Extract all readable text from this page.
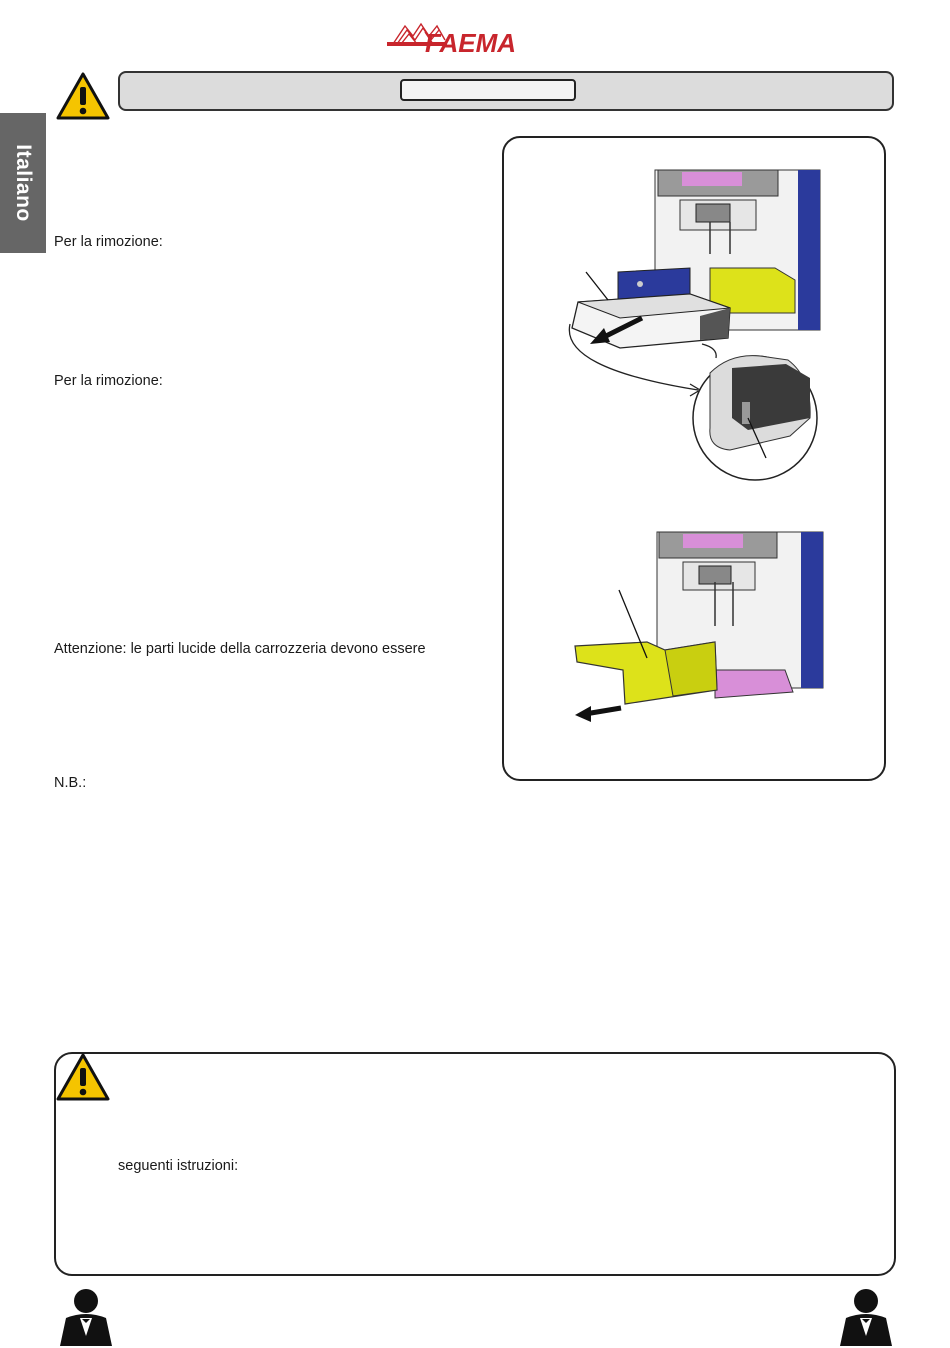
FAEMA
Italiano
Per la rimozione:
Per la rimozione:
Attenzione: le parti lucide della carrozzeria devono essere
N.B.:
seguenti istruzioni:
